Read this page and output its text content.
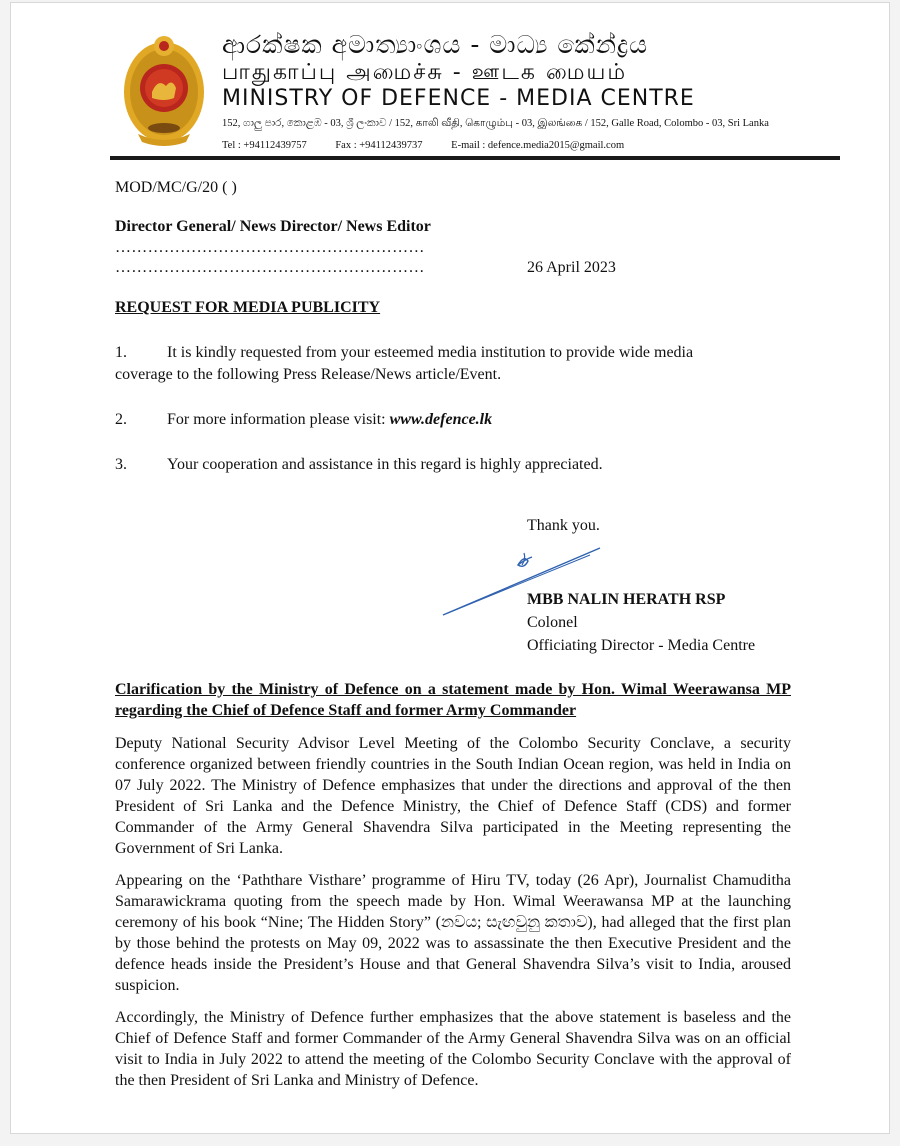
ආරක්ෂක අමාත්‍යාංශය - මාධ්‍ය කේන්ද්‍රය
பாதுகாப்பு அமைச்சு - ஊடக மையம்
MINISTRY OF DEFENCE - MEDIA CENTRE
152, ගාලු පාර, කොළඹ - 03, ශ්‍රී ලංකාව / 152, காலி வீதி, கொழும்பு - 03, இலங்கை / 152, Galle Road, Colombo - 03, Sri Lanka
Tel : +94112439757	Fax : +94112439737	E-mail : defence.media2015@gmail.com
MOD/MC/G/20 ( )
Director General/ News Director/ News Editor
…………………………………………………
…………………………………………………	26 April 2023
REQUEST FOR MEDIA PUBLICITY
1.	It is kindly requested from your esteemed media institution to provide wide media
coverage to the following Press Release/News article/Event.
2.	For more information please visit: www.defence.lk
3.	Your cooperation and assistance in this regard is highly appreciated.
Thank you.
MBB NALIN HERATH RSP
Colonel
Officiating Director - Media Centre
Clarification by the Ministry of Defence on a statement made by Hon. Wimal Weerawansa MP regarding the Chief of Defence Staff and former Army Commander
Deputy National Security Advisor Level Meeting of the Colombo Security Conclave, a security conference organized between friendly countries in the South Indian Ocean region, was held in India on 07 July 2022. The Ministry of Defence emphasizes that under the directions and approval of the then President of Sri Lanka and the Defence Ministry, the Chief of Defence Staff (CDS) and former Commander of the Army General Shavendra Silva participated in the Meeting representing the Government of Sri Lanka.
Appearing on the ‘Paththare Visthare’ programme of Hiru TV, today (26 Apr), Journalist Chamuditha Samarawickrama quoting from the speech made by Hon. Wimal Weerawansa MP at the launching ceremony of his book “Nine; The Hidden Story” (නවය; සැඟවුනු කතාව), had alleged that the first plan by those behind the protests on May 09, 2022 was to assassinate the then Executive President and the defence heads inside the President’s House and that General Shavendra Silva’s visit to India, aroused suspicion.
Accordingly, the Ministry of Defence further emphasizes that the above statement is baseless and the Chief of Defence Staff and former Commander of the Army General Shavendra Silva was on an official visit to India in July 2022 to attend the meeting of the Colombo Security Conclave with the approval of the then President of Sri Lanka and Ministry of Defence.
